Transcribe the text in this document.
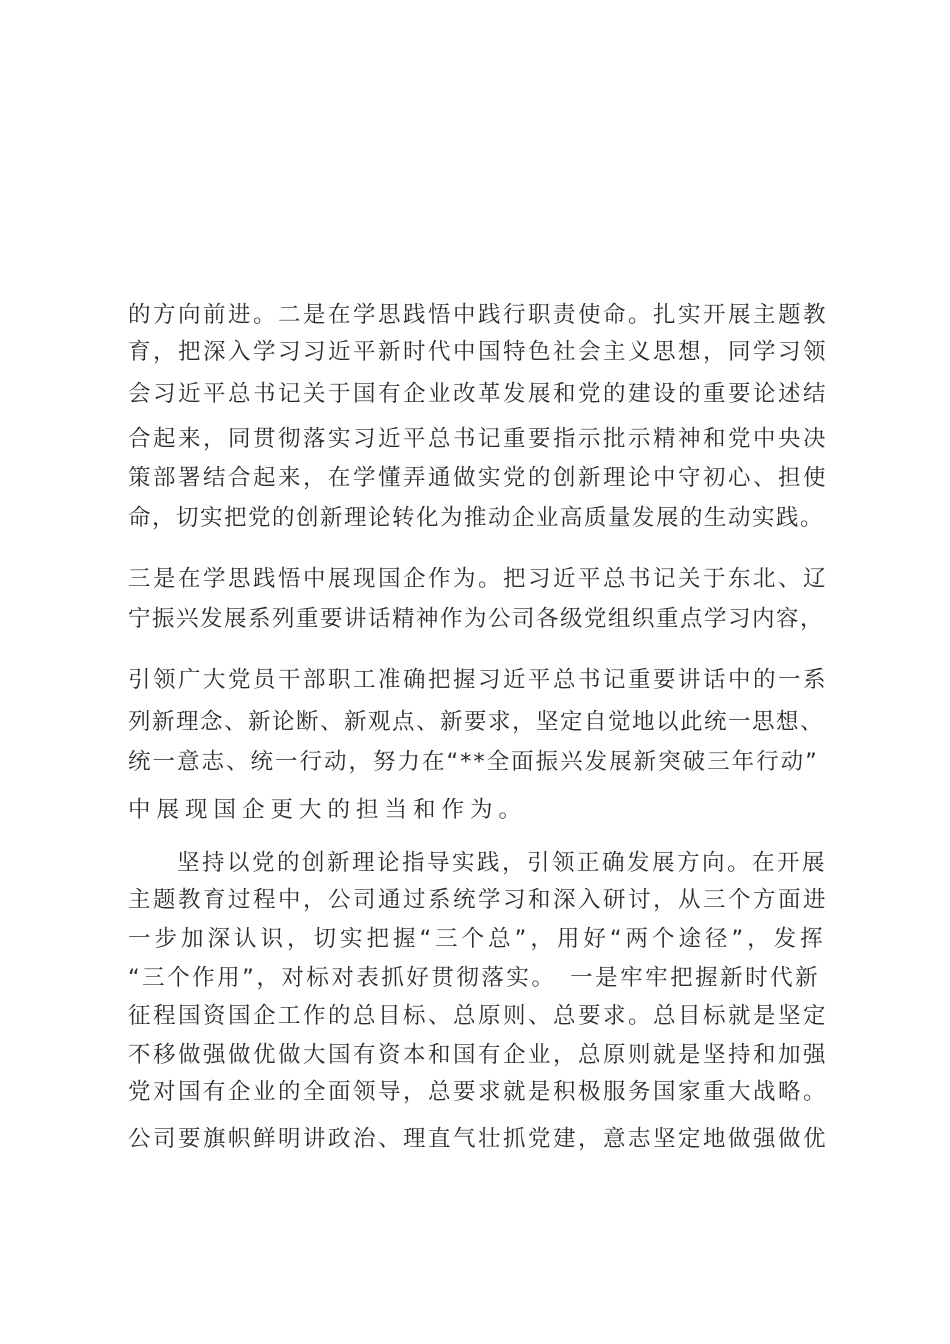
的方向前进。二是在学思践悟中践行职责使命。扎实开展主题教
育，把深入学习习近平新时代中国特色社会主义思想，同学习领
会习近平总书记关于国有企业改革发展和党的建设的重要论述结
合起来，同贯彻落实习近平总书记重要指示批示精神和党中央决
策部署结合起来，在学懂弄通做实党的创新理论中守初心、担使
命，切实把党的创新理论转化为推动企业高质量发展的生动实践。
三是在学思践悟中展现国企作为。把习近平总书记关于东北、辽
宁振兴发展系列重要讲话精神作为公司各级党组织重点学习内容，
引领广大党员干部职工准确把握习近平总书记重要讲话中的一系
列新理念、新论断、新观点、新要求，坚定自觉地以此统一思想、
统一意志、统一行动，努力在“**全面振兴发展新突破三年行动”
中展现国企更大的担当和作为。
坚持以党的创新理论指导实践，引领正确发展方向。在开展
主题教育过程中，公司通过系统学习和深入研讨，从三个方面进
一步加深认识，切实把握“三个总”，用好“两个途径”，发挥
“三个作用”，对标对表抓好贯彻落实。　一是牢牢把握新时代新
征程国资国企工作的总目标、总原则、总要求。总目标就是坚定
不移做强做优做大国有资本和国有企业，总原则就是坚持和加强
党对国有企业的全面领导，总要求就是积极服务国家重大战略。
公司要旗帜鲜明讲政治、理直气壮抓党建，意志坚定地做强做优
